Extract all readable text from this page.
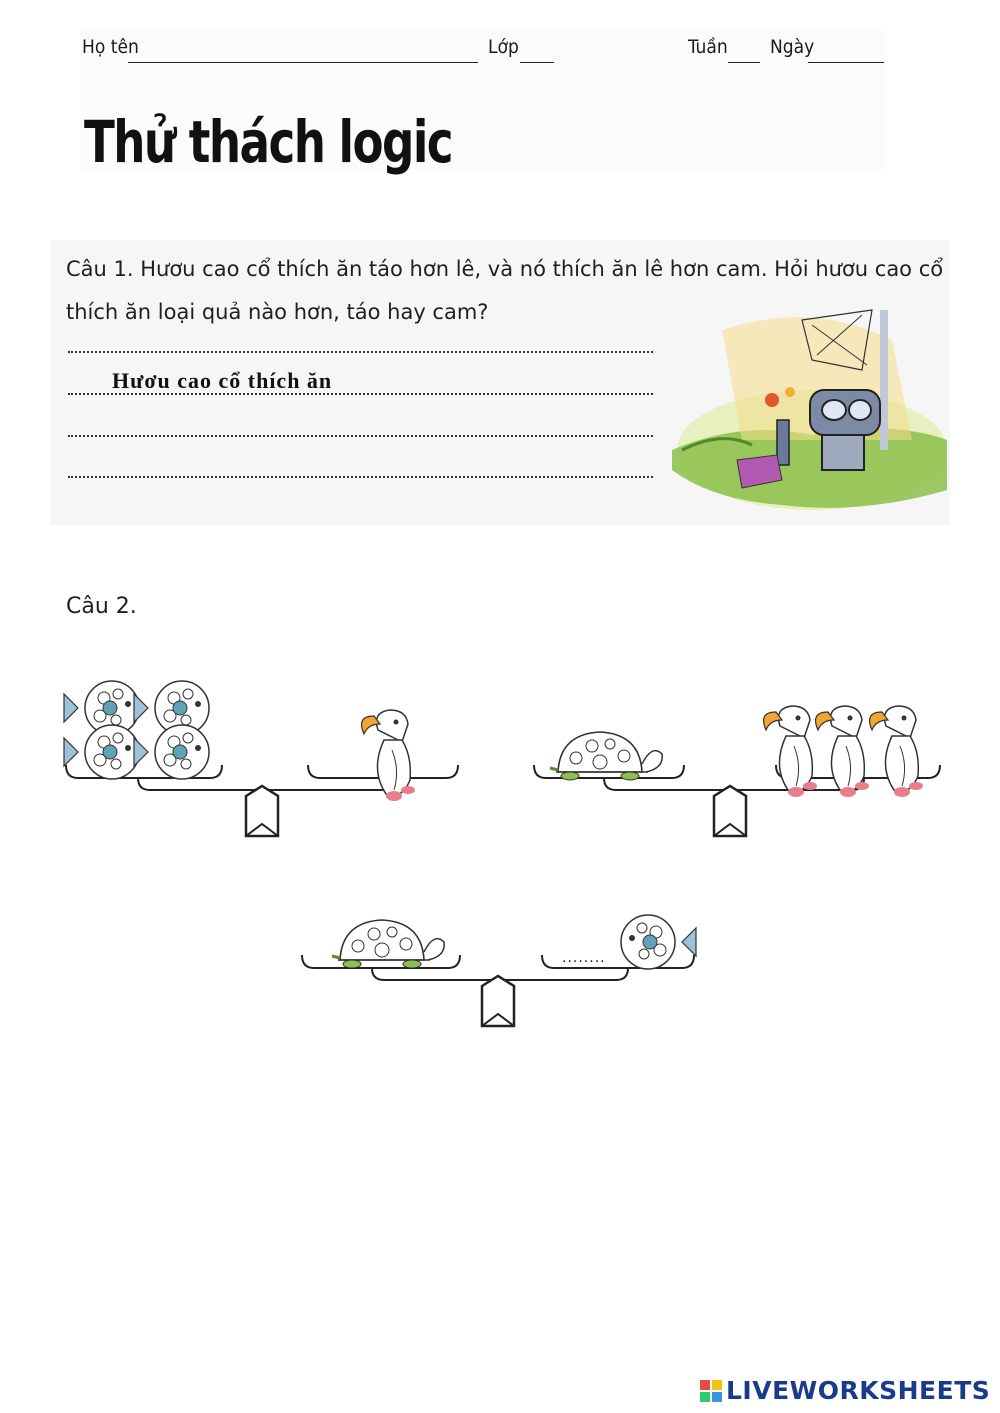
Họ tên	Lớp	Tuần Ngày
Thử thách logic
Câu 1. Hươu cao cổ thích ăn táo hơn lê, và nó thích ăn lê hơn cam. Hỏi hươu cao cổ thích ăn loại quả nào hơn, táo hay cam?
Hươu cao cổ thích ăn
Câu 2.
........
LIVEWORKSHEETS
